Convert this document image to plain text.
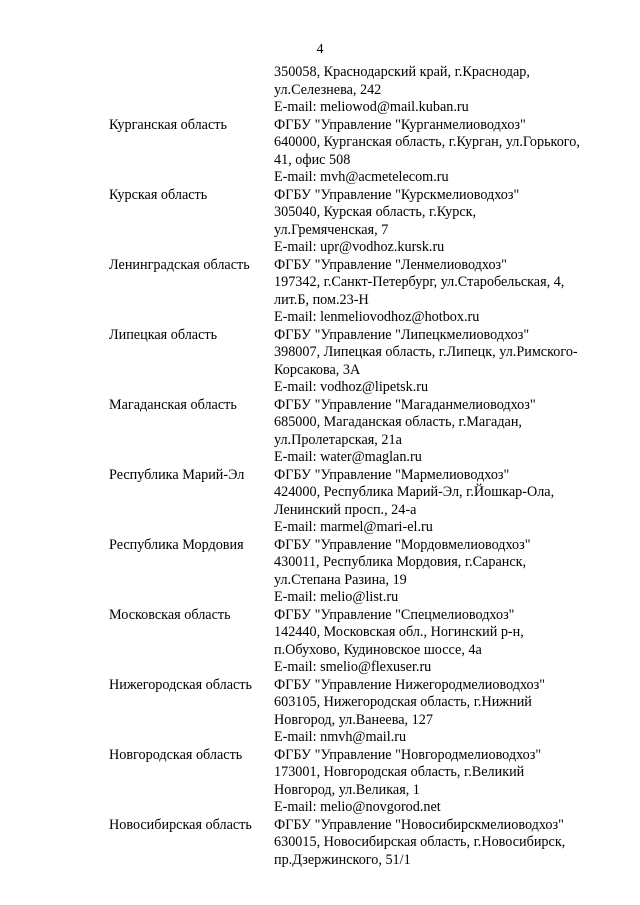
4
350058, Краснодарский край, г.Краснодар,
ул.Селезнева, 242
E-mail: meliowod@mail.kuban.ru
Курганская область	ФГБУ "Управление "Курганмелиоводхоз"
640000, Курганская область, г.Курган, ул.Горького,
41, офис 508
E-mail: mvh@acmetelecom.ru
Курская область	ФГБУ "Управление "Курскмелиоводхоз"
305040, Курская область, г.Курск,
ул.Гремяченская, 7
E-mail: upr@vodhoz.kursk.ru
Ленинградская область	ФГБУ "Управление "Ленмелиоводхоз"
197342, г.Санкт-Петербург, ул.Старобельская, 4,
лит.Б, пом.23-Н
E-mail: lenmeliovodhoz@hotbox.ru
Липецкая область	ФГБУ "Управление "Липецкмелиоводхоз"
398007, Липецкая область, г.Липецк, ул.Римского-
Корсакова, 3А
E-mail: vodhoz@lipetsk.ru
Магаданская область	ФГБУ "Управление "Магаданмелиоводхоз"
685000, Магаданская область, г.Магадан,
ул.Пролетарская, 21а
E-mail: water@maglan.ru
Республика Марий-Эл	ФГБУ "Управление "Мармелиоводхоз"
424000, Республика Марий-Эл, г.Йошкар-Ола,
Ленинский просп., 24-а
E-mail: marmel@mari-el.ru
Республика Мордовия	ФГБУ "Управление "Мордовмелиоводхоз"
430011, Республика Мордовия, г.Саранск,
ул.Степана Разина, 19
E-mail: melio@list.ru
Московская область	ФГБУ "Управление "Спецмелиоводхоз"
142440, Московская обл., Ногинский р-н,
п.Обухово, Кудиновское шоссе, 4а
E-mail: smelio@flexuser.ru
Нижегородская область	ФГБУ "Управление Нижегородмелиоводхоз"
603105, Нижегородская область, г.Нижний
Новгород, ул.Ванеева, 127
E-mail: nmvh@mail.ru
Новгородская область	ФГБУ "Управление "Новгородмелиоводхоз"
173001, Новгородская область, г.Великий
Новгород, ул.Великая, 1
E-mail: melio@novgorod.net
Новосибирская область	ФГБУ "Управление "Новосибирскмелиоводхоз"
630015, Новосибирская область, г.Новосибирск,
пр.Дзержинского, 51/1
